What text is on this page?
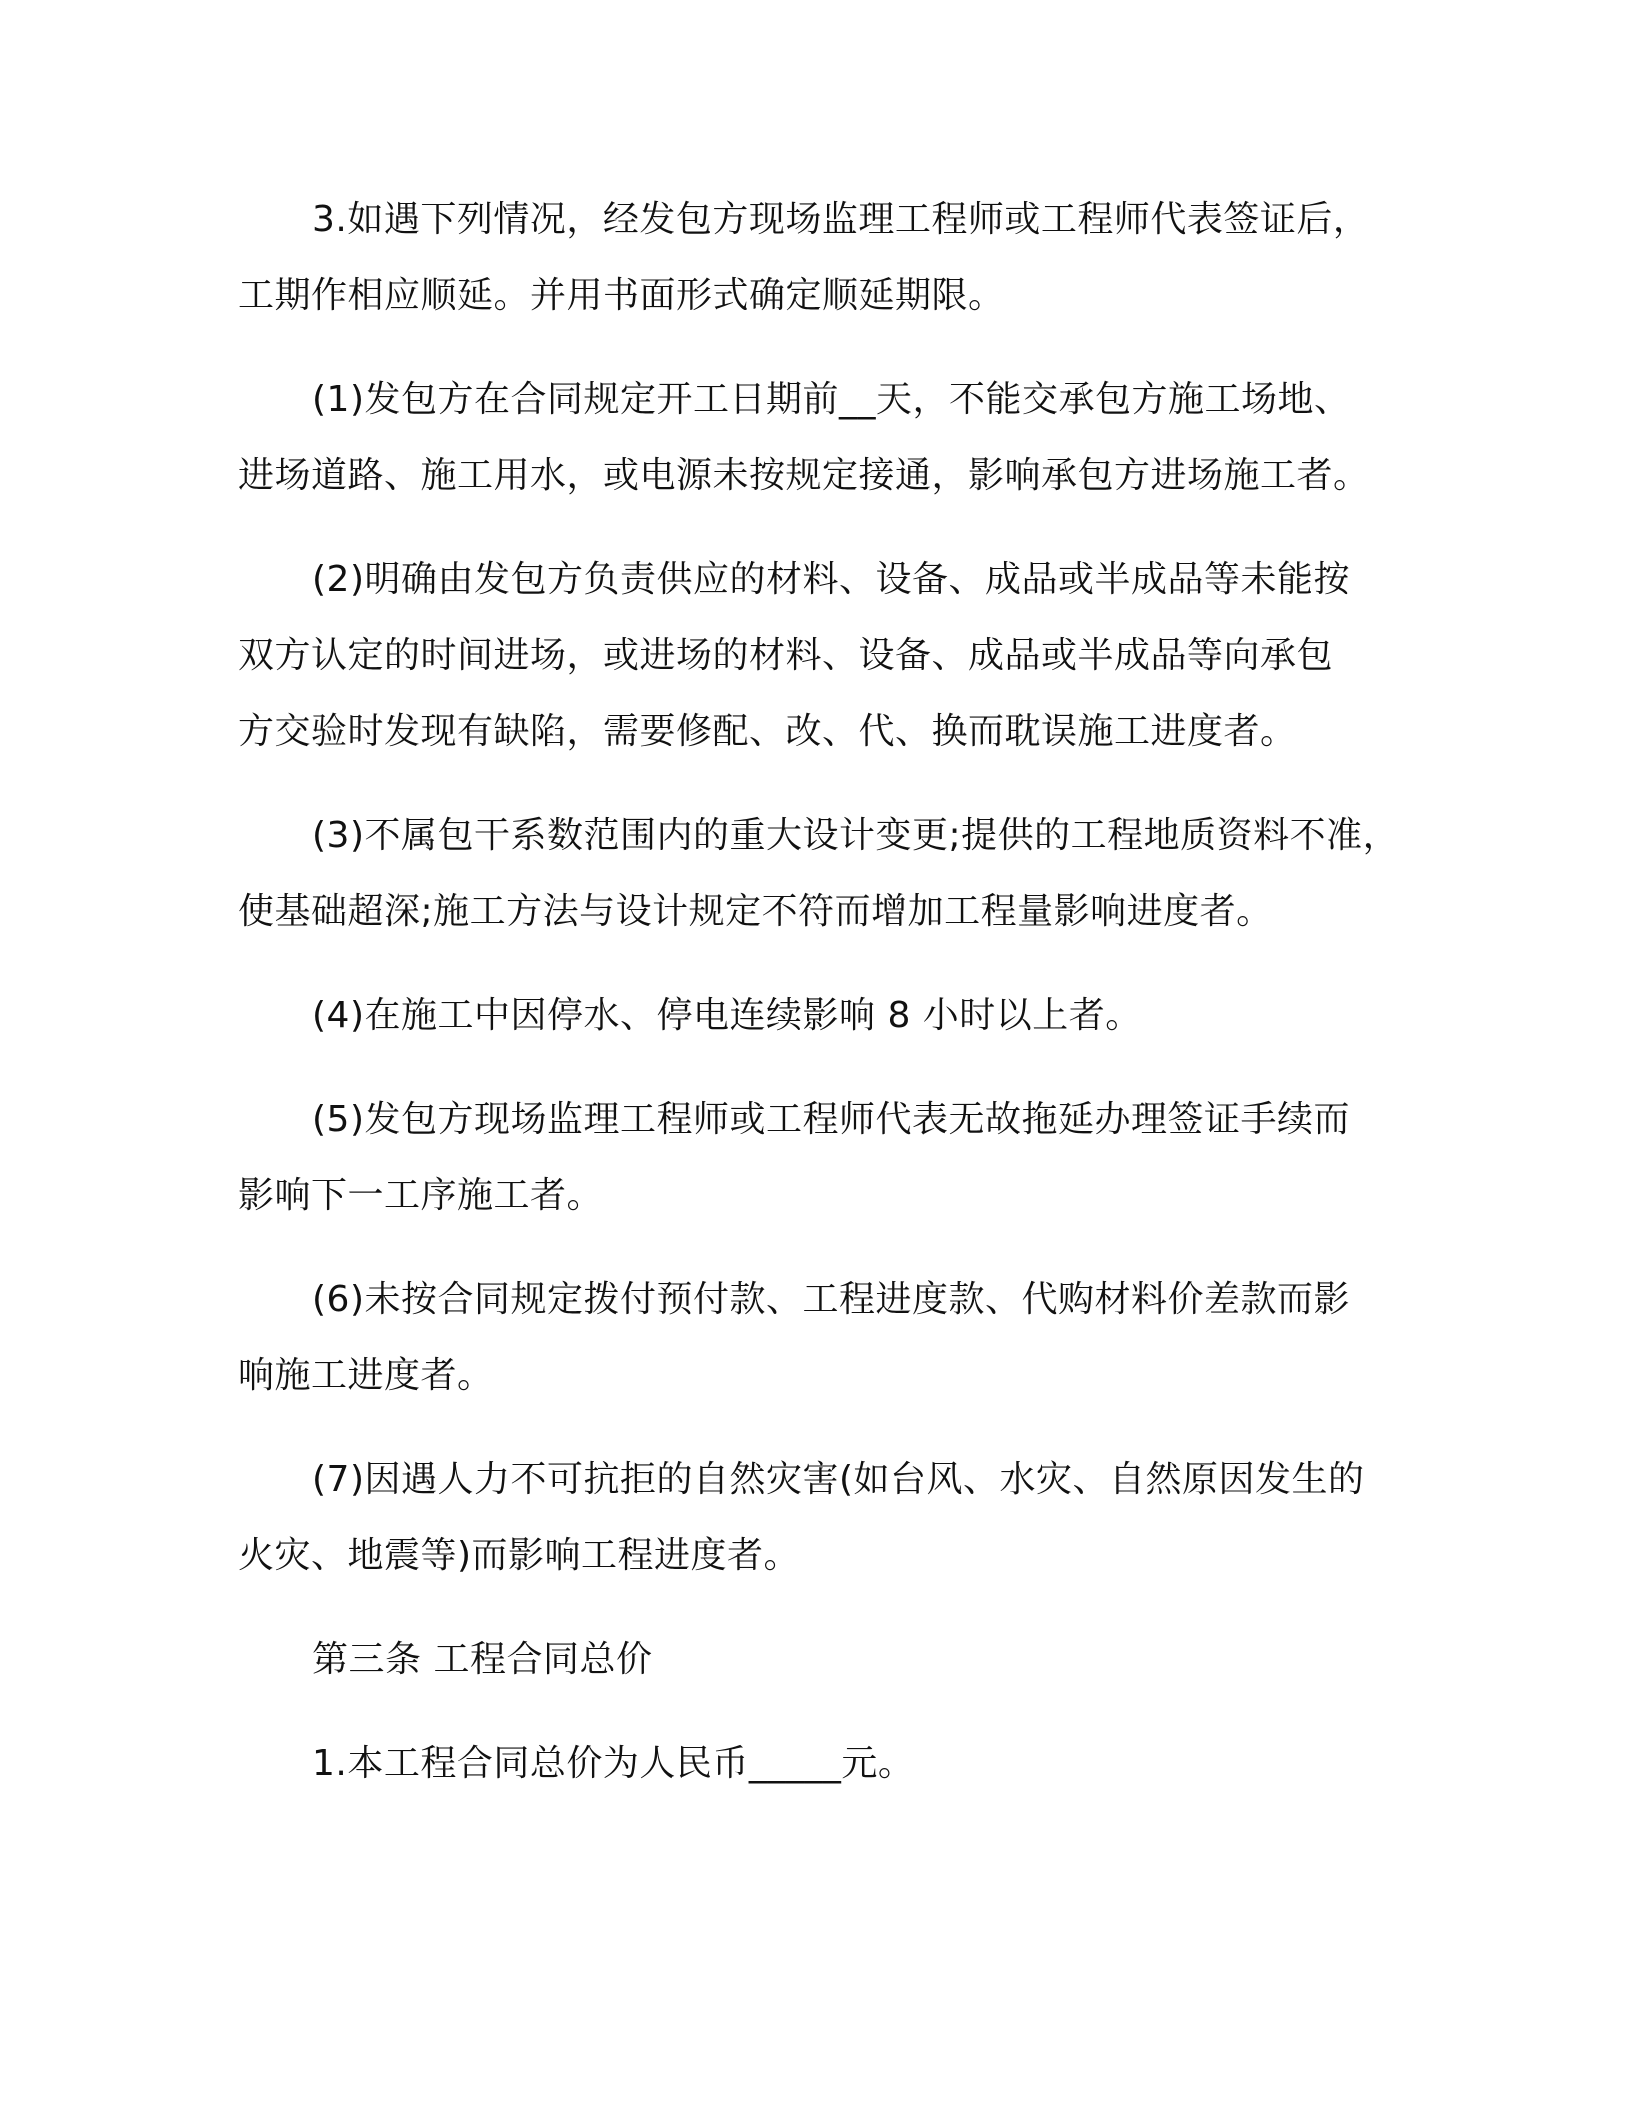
3.如遇下列情况，经发包方现场监理工程师或工程师代表签证后，
工期作相应顺延。并用书面形式确定顺延期限。
(1)发包方在合同规定开工日期前__天，不能交承包方施工场地、
进场道路、施工用水，或电源未按规定接通，影响承包方进场施工者。
(2)明确由发包方负责供应的材料、设备、成品或半成品等未能按
双方认定的时间进场，或进场的材料、设备、成品或半成品等向承包
方交验时发现有缺陷，需要修配、改、代、换而耽误施工进度者。
(3)不属包干系数范围内的重大设计变更;提供的工程地质资料不准，
使基础超深;施工方法与设计规定不符而增加工程量影响进度者。
(4)在施工中因停水、停电连续影响 8 小时以上者。
(5)发包方现场监理工程师或工程师代表无故拖延办理签证手续而
影响下一工序施工者。
(6)未按合同规定拨付预付款、工程进度款、代购材料价差款而影
响施工进度者。
(7)因遇人力不可抗拒的自然灾害(如台风、水灾、自然原因发生的
火灾、地震等)而影响工程进度者。
第三条 工程合同总价
1.本工程合同总价为人民币_____元。
